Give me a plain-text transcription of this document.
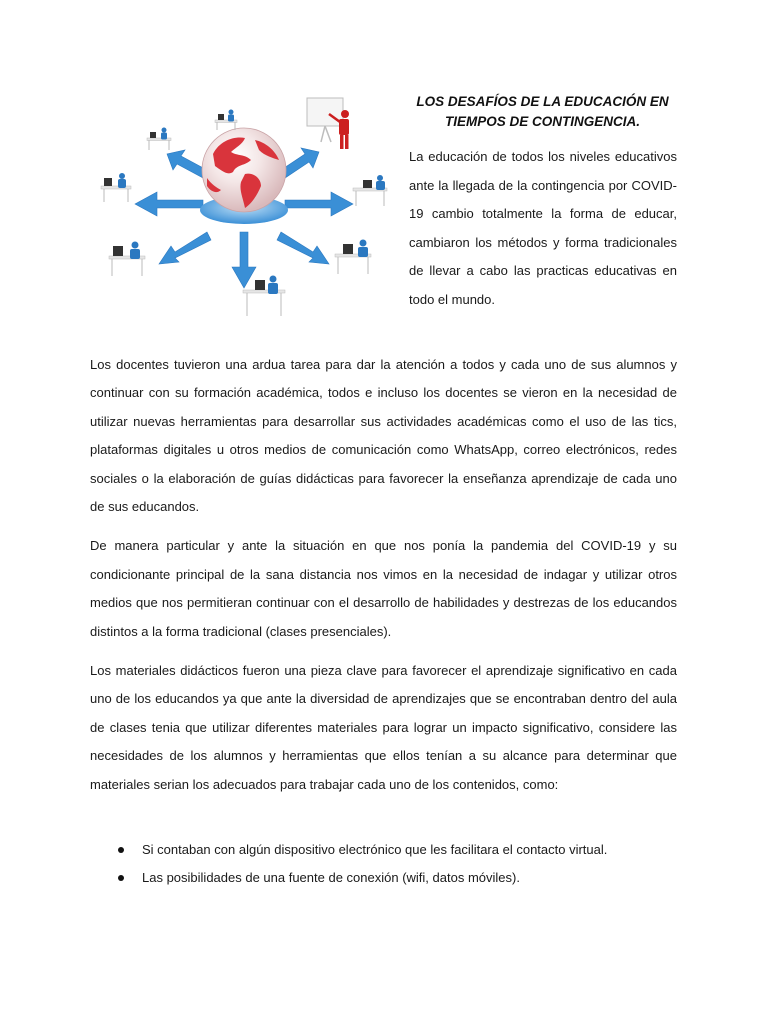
LOS DESAFÍOS DE LA EDUCACIÓN EN
TIEMPOS DE CONTINGENCIA.

La educación de todos los niveles educativos ante la llegada de la contingencia por COVID-19 cambio totalmente la forma de educar, cambiaron los métodos y forma tradicionales de llevar a cabo las practicas educativas en todo el mundo.

Los docentes tuvieron una ardua tarea para dar la atención a todos y cada uno de sus alumnos y continuar con su formación académica, todos e incluso los docentes se vieron en la necesidad de utilizar nuevas herramientas para desarrollar sus actividades académicas como el uso de las tics, plataformas digitales u otros medios de comunicación como WhatsApp, correo electrónicos, redes sociales o la elaboración de guías didácticas para favorecer la enseñanza aprendizaje de cada uno de sus educandos.

De manera particular y ante la situación en que nos ponía la pandemia del COVID-19 y su condicionante principal de la sana distancia nos vimos en la necesidad de indagar y utilizar otros medios que nos permitieran continuar con el desarrollo de habilidades y destrezas de los educandos distintos a la forma tradicional (clases presenciales).

Los materiales didácticos fueron una pieza clave para favorecer el aprendizaje significativo en cada uno de los educandos ya que ante la diversidad de aprendizajes que se encontraban dentro del aula de clases tenia que utilizar diferentes materiales para lograr un impacto significativo, considere las necesidades de los alumnos y herramientas que ellos tenían a su alcance para determinar que materiales serian los adecuados para trabajar cada uno de los contenidos, como:

Si contaban con algún dispositivo electrónico que les facilitara el contacto virtual.
Las posibilidades de una fuente de conexión (wifi, datos móviles).
